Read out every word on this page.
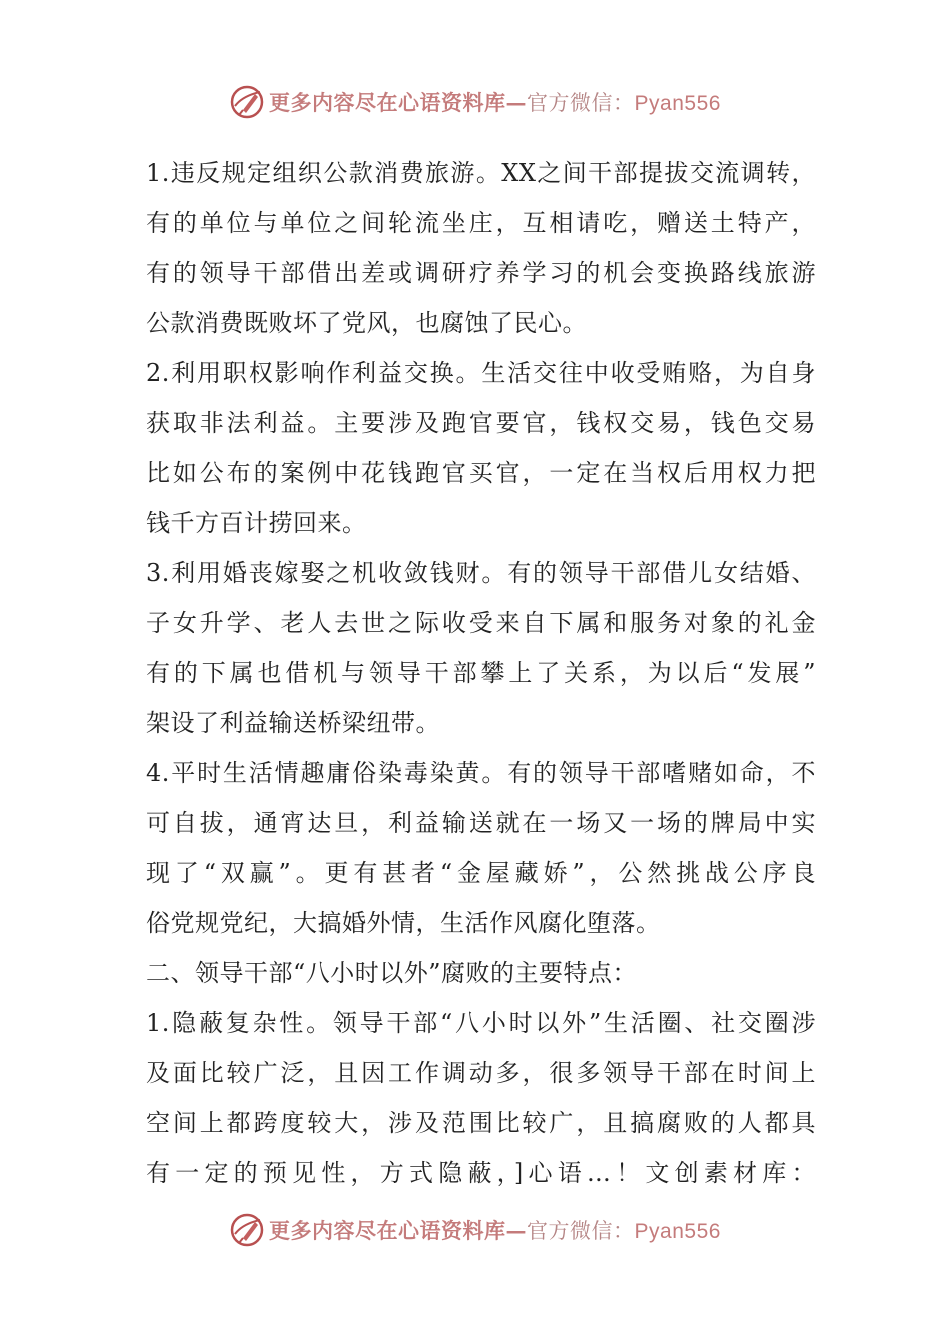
更多内容尽在心语资料库—官方微信：Pyan556
1.违反规定组织公款消费旅游。XX之间干部提拔交流调转，
有的单位与单位之间轮流坐庄，互相请吃，赠送土特产，
有的领导干部借出差或调研疗养学习的机会变换路线旅游
公款消费既败坏了党风，也腐蚀了民心。
2.利用职权影响作利益交换。生活交往中收受贿赂，为自身
获取非法利益。主要涉及跑官要官，钱权交易，钱色交易
比如公布的案例中花钱跑官买官，一定在当权后用权力把
钱千方百计捞回来。
3.利用婚丧嫁娶之机收敛钱财。有的领导干部借儿女结婚、
子女升学、老人去世之际收受来自下属和服务对象的礼金
有的下属也借机与领导干部攀上了关系，为以后“发展”
架设了利益输送桥梁纽带。
4.平时生活情趣庸俗染毒染黄。有的领导干部嗜赌如命，不
可自拔，通宵达旦，利益输送就在一场又一场的牌局中实
现了“双赢”。更有甚者“金屋藏娇”，公然挑战公序良
俗党规党纪，大搞婚外情，生活作风腐化堕落。
二、领导干部“八小时以外”腐败的主要特点：
1.隐蔽复杂性。领导干部“八小时以外”生活圈、社交圈涉
及面比较广泛，且因工作调动多，很多领导干部在时间上
空间上都跨度较大，涉及范围比较广，且搞腐败的人都具
有一定的预见性，方式隐蔽，]心语…！文创素材库：
更多内容尽在心语资料库—官方微信：Pyan556
